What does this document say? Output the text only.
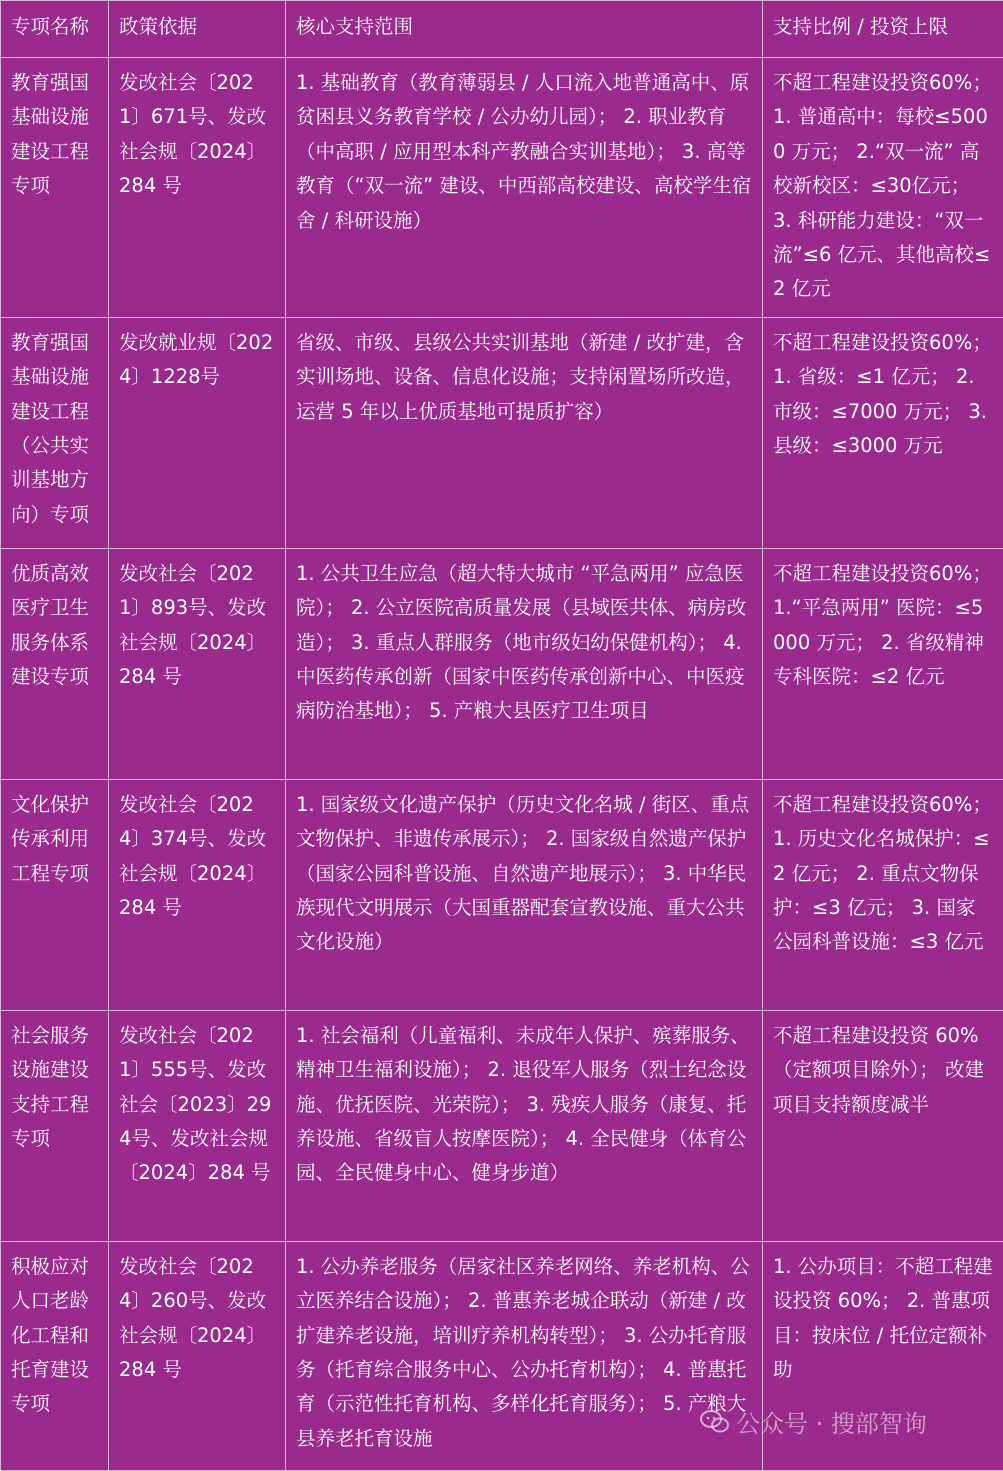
专项名称	政策依据	核心支持范围	支持比例 / 投资上限
教育强国基础设施建设工程专项	发改社会〔2021〕671号、发改社会规〔2024〕284 号	1. 基础教育（教育薄弱县 / 人口流入地普通高中、原贫困县义务教育学校 / 公办幼儿园）； 2. 职业教育（中高职 / 应用型本科产教融合实训基地）； 3. 高等教育（“双一流” 建设、中西部高校建设、高校学生宿舍 / 科研设施）	不超工程建设投资60%； 1. 普通高中：每校≤5000 万元； 2.“双一流” 高校新校区：≤30亿元； 3. 科研能力建设：“双一流”≤6 亿元、其他高校≤2 亿元
教育强国基础设施建设工程（公共实训基地方向）专项	发改就业规〔2024〕1228号	省级、市级、县级公共实训基地（新建 / 改扩建，含实训场地、设备、信息化设施；支持闲置场所改造，运营 5 年以上优质基地可提质扩容）	不超工程建设投资60%； 1. 省级：≤1 亿元； 2. 市级：≤7000 万元； 3. 县级：≤3000 万元
优质高效医疗卫生服务体系建设专项	发改社会〔2021〕893号、发改社会规〔2024〕284 号	1. 公共卫生应急（超大特大城市 “平急两用” 应急医院）； 2. 公立医院高质量发展（县域医共体、病房改造）； 3. 重点人群服务（地市级妇幼保健机构）； 4. 中医药传承创新（国家中医药传承创新中心、中医疫病防治基地）； 5. 产粮大县医疗卫生项目	不超工程建设投资60%； 1.“平急两用” 医院：≤5000 万元； 2. 省级精神专科医院：≤2 亿元
文化保护传承利用工程专项	发改社会〔2024〕374号、发改社会规〔2024〕284 号	1. 国家级文化遗产保护（历史文化名城 / 街区、重点文物保护、非遗传承展示）； 2. 国家级自然遗产保护（国家公园科普设施、自然遗产地展示）； 3. 中华民族现代文明展示（大国重器配套宣教设施、重大公共文化设施）	不超工程建设投资60%； 1. 历史文化名城保护：≤2 亿元； 2. 重点文物保护：≤3 亿元； 3. 国家公园科普设施：≤3 亿元
社会服务设施建设支持工程专项	发改社会〔2021〕555号、发改社会〔2023〕294号、发改社会规〔2024〕284 号	1. 社会福利（儿童福利、未成年人保护、殡葬服务、精神卫生福利设施）； 2. 退役军人服务（烈士纪念设施、优抚医院、光荣院）； 3. 残疾人服务（康复、托养设施、省级盲人按摩医院）； 4. 全民健身（体育公园、全民健身中心、健身步道）	不超工程建设投资 60%（定额项目除外）； 改建项目支持额度减半
积极应对人口老龄化工程和托育建设专项	发改社会〔2024〕260号、发改社会规〔2024〕284 号	1. 公办养老服务（居家社区养老网络、养老机构、公立医养结合设施）； 2. 普惠养老城企联动（新建 / 改扩建养老设施，培训疗养机构转型）； 3. 公办托育服务（托育综合服务中心、公办托育机构）； 4. 普惠托育（示范性托育机构、多样化托育服务）； 5. 产粮大县养老托育设施	1. 公办项目：不超工程建设投资 60%； 2. 普惠项目：按床位 / 托位定额补助
公众号 · 搜部智询
